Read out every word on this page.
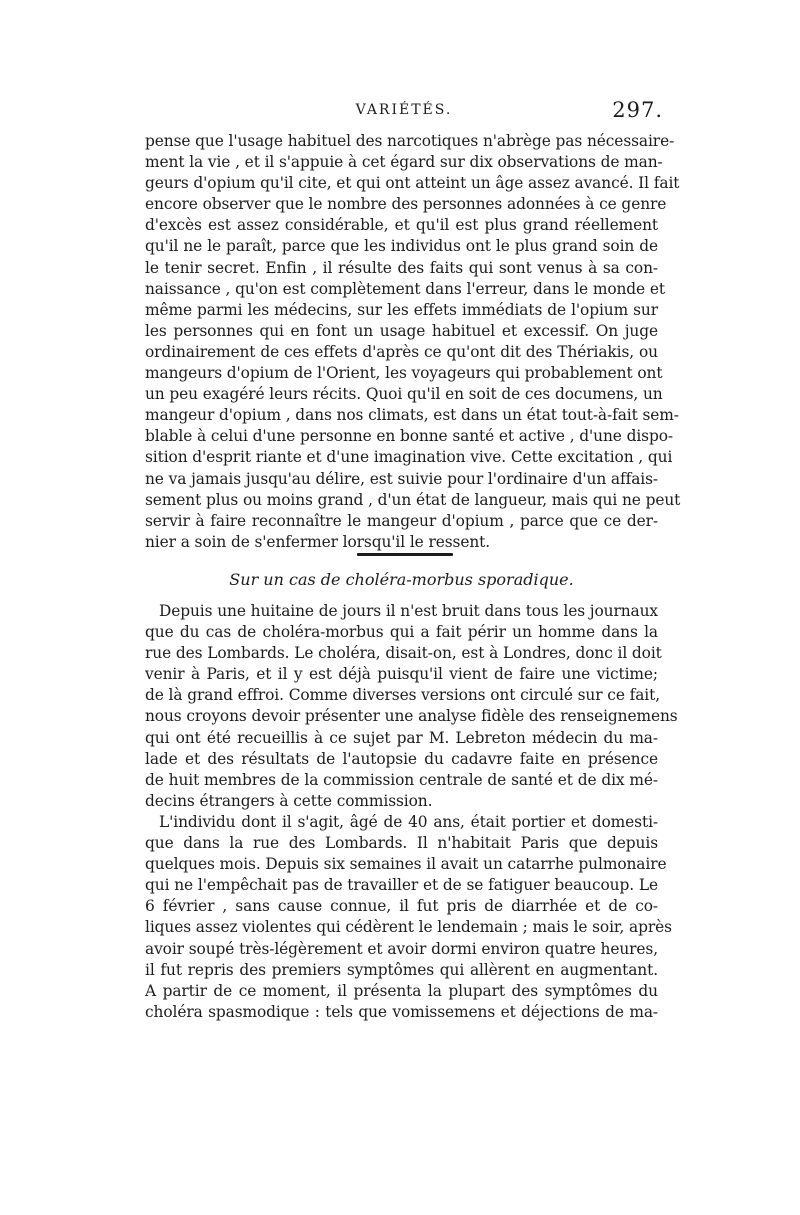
VARIÉTÉS.	297.
pense que l'usage habituel des narcotiques n'abrège pas nécessaire-
ment la vie , et il s'appuie à cet égard sur dix observations de man-
geurs d'opium qu'il cite, et qui ont atteint un âge assez avancé. Il fait
encore observer que le nombre des personnes adonnées à ce genre
d'excès est assez considérable, et qu'il est plus grand réellement
qu'il ne le paraît, parce que les individus ont le plus grand soin de
le tenir secret. Enfin , il résulte des faits qui sont venus à sa con-
naissance , qu'on est complètement dans l'erreur, dans le monde et
même parmi les médecins, sur les effets immédiats de l'opium sur
les personnes qui en font un usage habituel et excessif. On juge
ordinairement de ces effets d'après ce qu'ont dit des Thériakis, ou
mangeurs d'opium de l'Orient, les voyageurs qui probablement ont
un peu exagéré leurs récits. Quoi qu'il en soit de ces documens, un
mangeur d'opium , dans nos climats, est dans un état tout-à-fait sem-
blable à celui d'une personne en bonne santé et active , d'une dispo-
sition d'esprit riante et d'une imagination vive. Cette excitation , qui
ne va jamais jusqu'au délire, est suivie pour l'ordinaire d'un affais-
sement plus ou moins grand , d'un état de langueur, mais qui ne peut
servir à faire reconnaître le mangeur d'opium , parce que ce der-
nier a soin de s'enfermer lorsqu'il le ressent.
Sur un cas de choléra-morbus sporadique.
Depuis une huitaine de jours il n'est bruit dans tous les journaux
que du cas de choléra-morbus qui a fait périr un homme dans la
rue des Lombards. Le choléra, disait-on, est à Londres, donc il doit
venir à Paris, et il y est déjà puisqu'il vient de faire une victime;
de là grand effroi. Comme diverses versions ont circulé sur ce fait,
nous croyons devoir présenter une analyse fidèle des renseignemens
qui ont été recueillis à ce sujet par M. Lebreton médecin du ma-
lade et des résultats de l'autopsie du cadavre faite en présence
de huit membres de la commission centrale de santé et de dix mé-
decins étrangers à cette commission.
L'individu dont il s'agit, âgé de 40 ans, était portier et domesti-
que dans la rue des Lombards. Il n'habitait Paris que depuis
quelques mois. Depuis six semaines il avait un catarrhe pulmonaire
qui ne l'empêchait pas de travailler et de se fatiguer beaucoup. Le
6 février , sans cause connue, il fut pris de diarrhée et de co-
liques assez violentes qui cédèrent le lendemain ; mais le soir, après
avoir soupé très-légèrement et avoir dormi environ quatre heures,
il fut repris des premiers symptômes qui allèrent en augmentant.
A partir de ce moment, il présenta la plupart des symptômes du
choléra spasmodique : tels que vomissemens et déjections de ma-
